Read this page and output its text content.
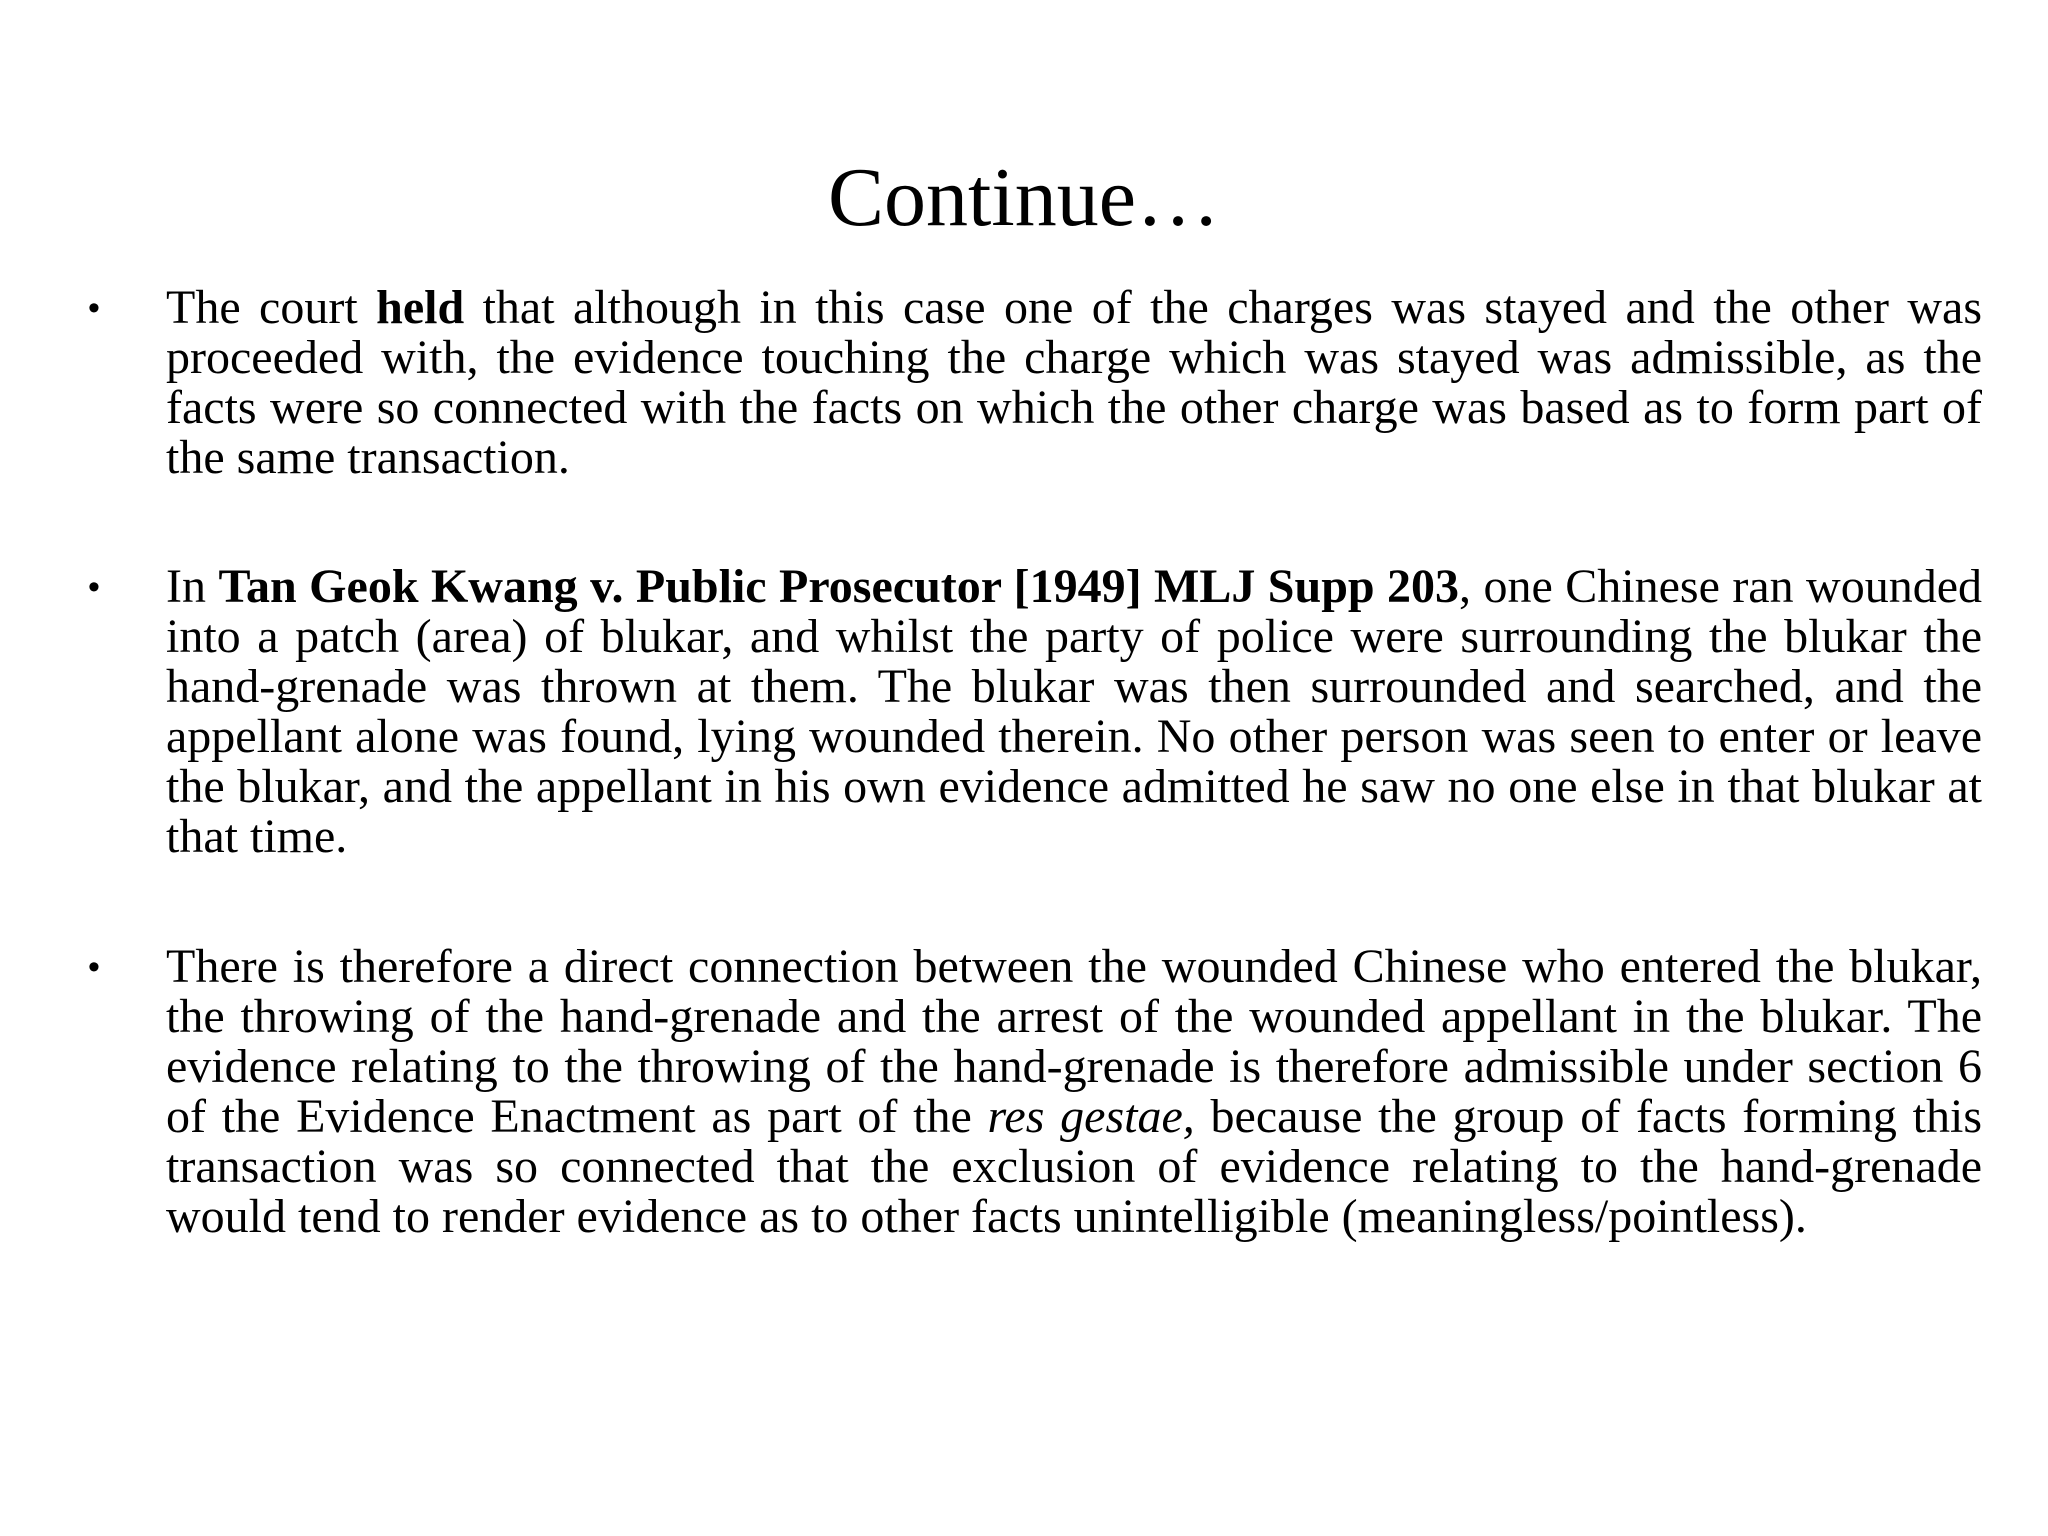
Continue…
• The court held that although in this case one of the charges was stayed and the other was proceeded with, the evidence touching the charge which was stayed was admissible, as the facts were so connected with the facts on which the other charge was based as to form part of the same transaction.
• In Tan Geok Kwang v. Public Prosecutor [1949] MLJ Supp 203, one Chinese ran wounded into a patch (area) of blukar, and whilst the party of police were surrounding the blukar the hand-grenade was thrown at them. The blukar was then surrounded and searched, and the appellant alone was found, lying wounded therein. No other person was seen to enter or leave the blukar, and the appellant in his own evidence admitted he saw no one else in that blukar at that time.
• There is therefore a direct connection between the wounded Chinese who entered the blukar, the throwing of the hand-grenade and the arrest of the wounded appellant in the blukar. The evidence relating to the throwing of the hand-grenade is therefore admissible under section 6 of the Evidence Enactment as part of the res gestae, because the group of facts forming this transaction was so connected that the exclusion of evidence relating to the hand-grenade would tend to render evidence as to other facts unintelligible (meaningless/pointless).
